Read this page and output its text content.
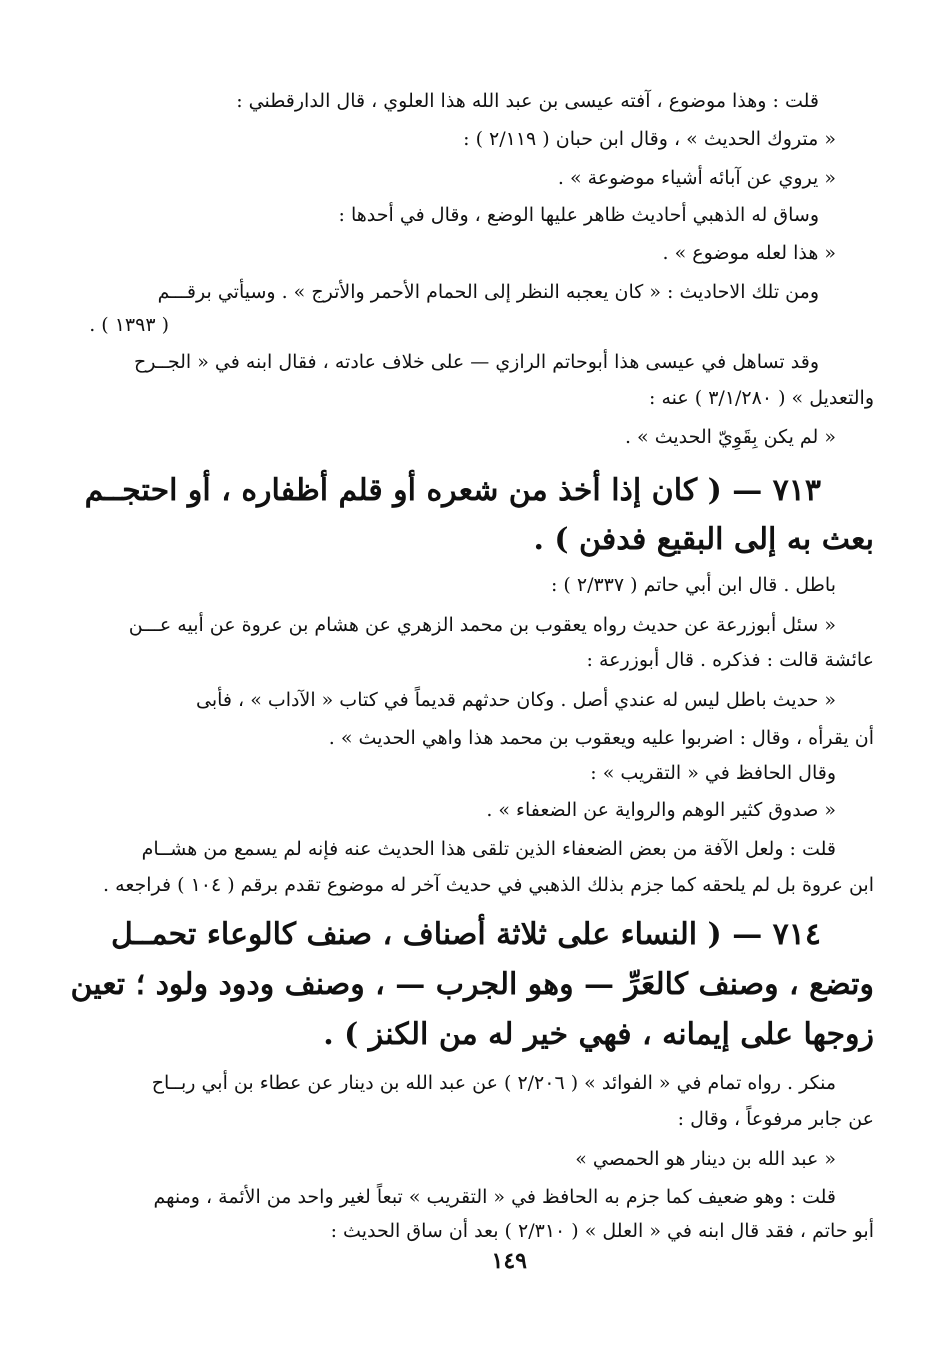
قلت : وهذا موضوع ، آفته عيسى بن عبد الله هذا العلوي ، قال الدارقطني :
« متروك الحديث » ، وقال ابن حبان ( ٢/١١٩ ) :
« يروي عن آبائه أشياء موضوعة » .
وساق له الذهبي أحاديث ظاهر عليها الوضع ، وقال في أحدها :
« هذا لعله موضوع » .
ومن تلك الاحاديث : « كان يعجبه النظر إلى الحمام الأحمر والأترج » . وسيأتي برقـــم
( ١٣٩٣ ) .
وقد تساهل في عيسى هذا أبوحاتم الرازي — على خلاف عادته ، فقال ابنه في « الجــرح
والتعديل » ( ٣/١/٢٨٠ ) عنه :
« لم يكن بِقَوِيّ الحديث » .
٧١٣ — ( كان إذا أخذ من شعره أو قلم أظفاره ، أو احتجــم
بعث به إلى البقيع فدفن ) .
باطل . قال ابن أبي حاتم ( ٢/٣٣٧ ) :
« سئل أبوزرعة عن حديث رواه يعقوب بن محمد الزهري عن هشام بن عروة عن أبيه عـــن
عائشة قالت : فذكره . قال أبوزرعة :
« حديث باطل ليس له عندي أصل . وكان حدثهم قديماً في كتاب « الآداب » ، فأبى
أن يقرأه ، وقال : اضربوا عليه ويعقوب بن محمد هذا واهي الحديث » .
وقال الحافظ في « التقريب » :
« صدوق كثير الوهم والرواية عن الضعفاء » .
قلت : ولعل الآفة من بعض الضعفاء الذين تلقى هذا الحديث عنه فإنه لم يسمع من هشــام
ابن عروة بل لم يلحقه كما جزم بذلك الذهبي في حديث آخر له موضوع تقدم برقم ( ١٠٤ ) فراجعه .
٧١٤ — ( النساء على ثلاثة أصناف ، صنف كالوعاء تحمــل
وتضع ، وصنف كالعَرِّ — وهو الجرب — ، وصنف ودود ولود ؛ تعين
زوجها على إيمانه ، فهي خير له من الكنز ) .
منكر . رواه تمام في « الفوائد » ( ٢/٢٠٦ ) عن عبد الله بن دينار عن عطاء بن أبي ربــاح
عن جابر مرفوعاً ، وقال :
« عبد الله بن دينار هو الحمصي »
قلت : وهو ضعيف كما جزم به الحافظ في « التقريب » تبعاً لغير واحد من الأئمة ، ومنهم
أبو حاتم ، فقد قال ابنه في « العلل » ( ٢/٣١٠ ) بعد أن ساق الحديث :
١٤٩
